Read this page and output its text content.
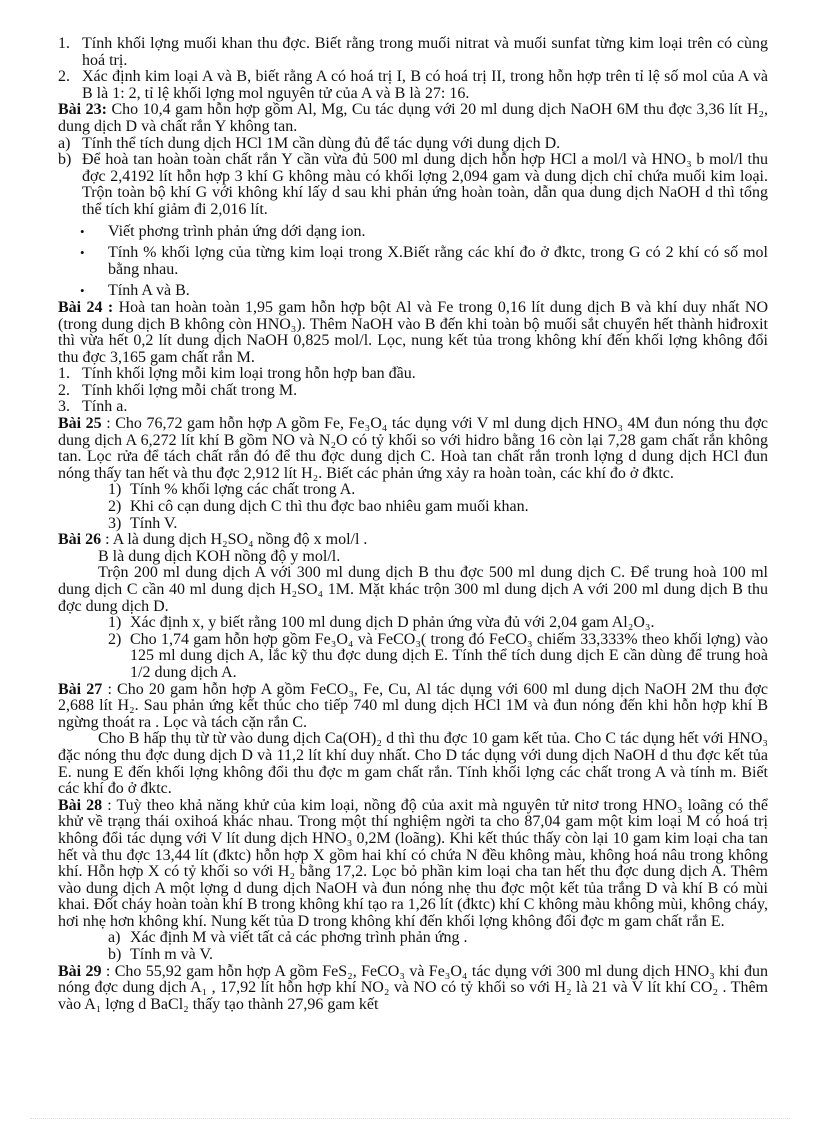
1. Tính khối lợng muối khan thu đợc. Biết rằng trong muối nitrat và muối sunfat từng kim loại trên có cùng hoá trị.
2. Xác định kim loại A và B, biết rằng A có hoá trị I, B có hoá trị II, trong hỗn hợp trên tỉ lệ số mol của A và B là 1: 2, tỉ lệ khối lợng mol nguyên tử của A và B là 27: 16.

Bài 23: Cho 10,4 gam hỗn hợp gồm Al, Mg, Cu tác dụng với 20 ml dung dịch NaOH 6M thu đợc 3,36 lít H₂, dung dịch D và chất rắn Y không tan.

a) Tính thể tích dung dịch HCl 1M cần dùng đủ để tác dụng với dung dịch D.
b) Để hoà tan hoàn toàn chất rắn Y cần vừa đủ 500 ml dung dịch hỗn hợp HCl a mol/l và HNO₃ b mol/l thu đợc 2,4192 lít hỗn hợp 3 khí G không màu có khối lợng 2,094 gam và dung dịch chỉ chứa muối kim loại. Trộn toàn bộ khí G với không khí lấy d sau khi phản ứng hoàn toàn, dẫn qua dung dịch NaOH d thì tổng thể tích khí giảm đi 2,016 lít.
•	Viết phơng trình phản ứng dới dạng ion.
•	Tính % khối lợng của từng kim loại trong X.Biết rằng các khí đo ở đktc, trong G có 2 khí có số mol bằng nhau.
•	Tính A và B.

Bài 24 : Hoà tan hoàn toàn 1,95 gam hỗn hợp bột Al và Fe trong 0,16 lít dung dịch B và khí duy nhất NO (trong dung dịch B không còn HNO₃). Thêm NaOH vào B đến khi toàn bộ muối sắt chuyển hết thành hiđroxit thì vừa hết 0,2 lít dung dịch NaOH 0,825 mol/l. Lọc, nung kết tủa trong không khí đến khối lợng không đổi thu đợc 3,165 gam chất rắn M.

1. Tính khối lợng mỗi kim loại trong hỗn hợp ban đầu.
2. Tính khối lợng mỗi chất trong M.
3. Tính a.

Bài 25 : Cho 76,72 gam hỗn hợp A gồm Fe, Fe₃O₄ tác dụng với V ml dung dịch HNO₃ 4M đun nóng thu đợc dung dịch A 6,272 lít khí B gồm NO và N₂O có tỷ khối so với hidro bằng 16 còn lại 7,28 gam chất rắn không tan. Lọc rửa để tách chất rắn đó để thu đợc dung dịch C. Hoà tan chất rắn tronh lợng d dung dịch HCl đun nóng thấy tan hết và thu đợc 2,912 lít H₂. Biết các phản ứng xảy ra hoàn toàn, các khí đo ở đktc.

1) Tính % khối lợng các chất trong A.
2) Khi cô cạn dung dịch C thì thu đợc bao nhiêu gam muối khan.
3) Tính V.

Bài 26 : A là dung dịch H₂SO₄ nồng độ x mol/l .

B là dung dịch KOH nồng độ y mol/l.

Trộn 200 ml dung dịch A với 300 ml dung dịch B thu đợc 500 ml dung dịch C. Để trung hoà 100 ml dung dịch C cần 40 ml dung dịch H₂SO₄ 1M. Mặt khác trộn 300 ml dung dịch A với 200 ml dung dịch B thu đợc dung dịch D.

1) Xác định x, y biết rằng 100 ml dung dịch D phản ứng vừa đủ với 2,04 gam Al₂O₃.
2) Cho 1,74 gam hỗn hợp gồm Fe₃O₄ và FeCO₃( trong đó FeCO₃ chiếm 33,333% theo khối lợng) vào 125 ml dung dịch A, lắc kỹ thu đợc dung dịch E. Tính thể tích dung dịch E cần dùng để trung hoà 1/2 dung dịch A.

Bài 27 : Cho 20 gam hỗn hợp A gồm FeCO₃, Fe, Cu, Al tác dụng với 600 ml dung dịch NaOH 2M thu đợc 2,688 lít H₂. Sau phản ứng kết thúc cho tiếp 740 ml dung dịch HCl 1M và đun nóng đến khi hỗn hợp khí B ngừng thoát ra . Lọc và tách cặn rắn C.

Cho B hấp thụ từ từ vào dung dịch Ca(OH)₂ d thì thu đợc 10 gam kết tủa. Cho C tác dụng hết với HNO₃ đặc nóng thu đợc dung dịch D và 11,2 lít khí duy nhất. Cho D tác dụng với dung dịch NaOH d thu đợc kết tủa E. nung E đến khối lợng không đổi thu đợc m gam chất rắn. Tính khối lợng các chất trong A và tính m. Biết các khí đo ở đktc.

Bài 28 : Tuỳ theo khả năng khử của kim loại, nồng độ của axit mà nguyên tử nitơ trong HNO₃ loãng có thể khử về trạng thái oxihoá khác nhau. Trong một thí nghiệm ngời ta cho 87,04 gam một kim loại M có hoá trị không đổi tác dụng với V lít dung dịch HNO₃ 0,2M (loãng). Khi kết thúc thấy còn lại 10 gam kim loại cha tan hết và thu đợc 13,44 lít (đktc) hỗn hợp X gồm hai khí có chứa N đều không màu, không hoá nâu trong không khí. Hỗn hợp X có tỷ khối so với H₂ bằng 17,2. Lọc bỏ phần kim loại cha tan hết thu đợc dung dịch A. Thêm vào dung dịch A một lợng d dung dịch NaOH và đun nóng nhẹ thu đợc một kết tủa trắng D và khí B có mùi khai. Đốt cháy hoàn toàn khí B trong không khí tạo ra 1,26 lít (đktc) khí C không màu không mùi, không cháy, hơi nhẹ hơn không khí. Nung kết tủa D trong không khí đến khối lợng không đổi đợc m gam chất rắn E.

a) Xác định M và viết tất cả các phơng trình phản ứng .
b) Tính m và V.

Bài 29 : Cho 55,92 gam hỗn hợp A gồm FeS₂, FeCO₃ và Fe₃O₄ tác dụng với 300 ml dung dịch HNO₃ khi đun nóng đợc dung dịch A₁ , 17,92 lít hỗn hợp khí NO₂ và NO có tỷ khối so với H₂ là 21 và V lít khí CO₂ . Thêm vào A₁ lợng d BaCl₂ thấy tạo thành 27,96 gam kết
